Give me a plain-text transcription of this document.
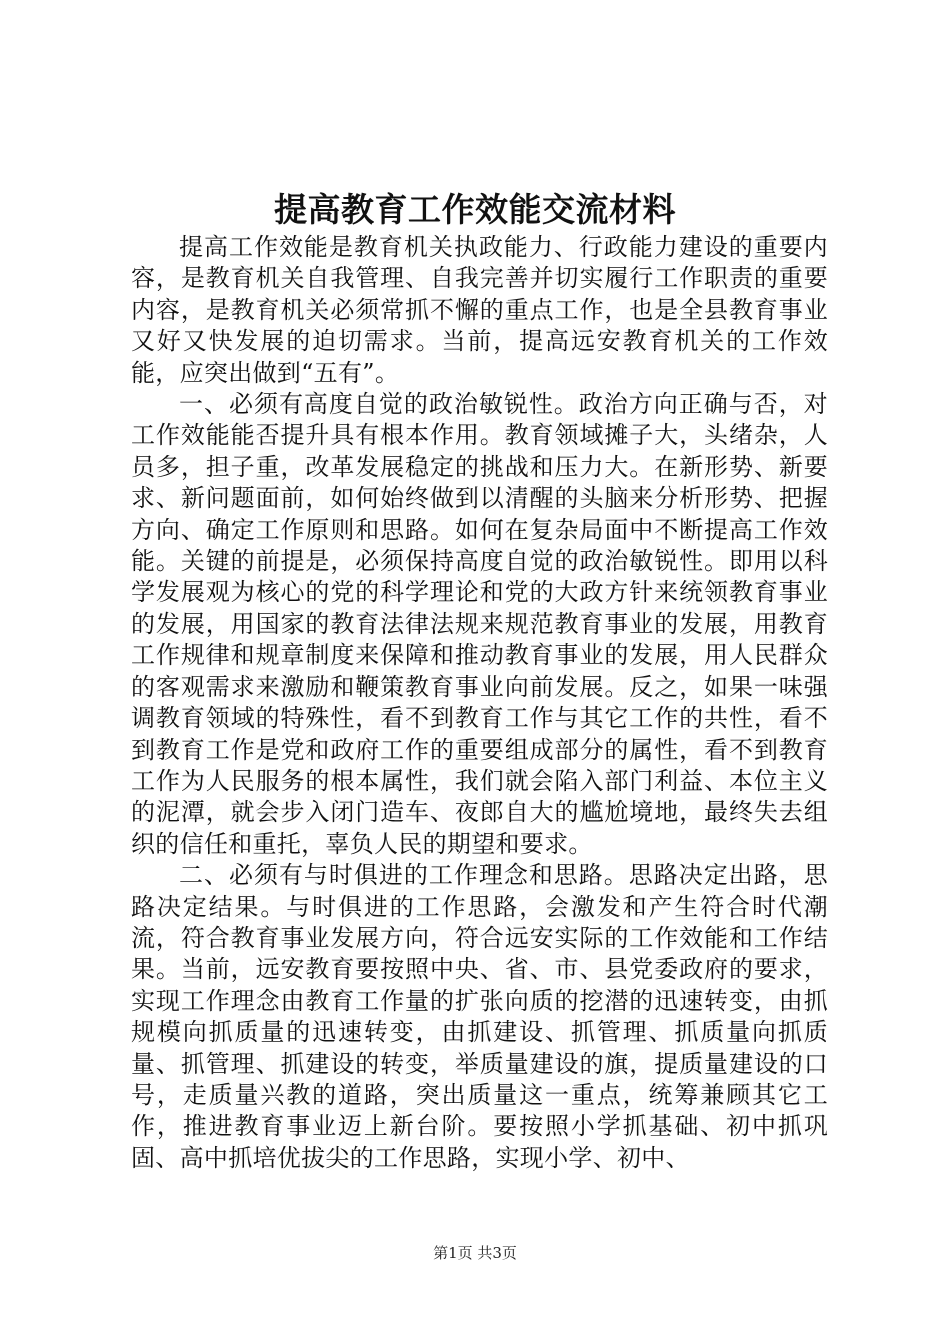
提高教育工作效能交流材料

提高工作效能是教育机关执政能力、行政能力建设的重要内容，是教育机关自我管理、自我完善并切实履行工作职责的重要内容，是教育机关必须常抓不懈的重点工作，也是全县教育事业又好又快发展的迫切需求。当前，提高远安教育机关的工作效能，应突出做到“五有”。

一、必须有高度自觉的政治敏锐性。政治方向正确与否，对工作效能能否提升具有根本作用。教育领域摊子大，头绪杂，人员多，担子重，改革发展稳定的挑战和压力大。在新形势、新要求、新问题面前，如何始终做到以清醒的头脑来分析形势、把握方向、确定工作原则和思路。如何在复杂局面中不断提高工作效能。关键的前提是，必须保持高度自觉的政治敏锐性。即用以科学发展观为核心的党的科学理论和党的大政方针来统领教育事业的发展，用国家的教育法律法规来规范教育事业的发展，用教育工作规律和规章制度来保障和推动教育事业的发展，用人民群众的客观需求来激励和鞭策教育事业向前发展。反之，如果一味强调教育领域的特殊性，看不到教育工作与其它工作的共性，看不到教育工作是党和政府工作的重要组成部分的属性，看不到教育工作为人民服务的根本属性，我们就会陷入部门利益、本位主义的泥潭，就会步入闭门造车、夜郎自大的尴尬境地，最终失去组织的信任和重托，辜负人民的期望和要求。

二、必须有与时俱进的工作理念和思路。思路决定出路，思路决定结果。与时俱进的工作思路，会激发和产生符合时代潮流，符合教育事业发展方向，符合远安实际的工作效能和工作结果。当前，远安教育要按照中央、省、市、县党委政府的要求，实现工作理念由教育工作量的扩张向质的挖潜的迅速转变，由抓规模向抓质量的迅速转变，由抓建设、抓管理、抓质量向抓质量、抓管理、抓建设的转变，举质量建设的旗，提质量建设的口号，走质量兴教的道路，突出质量这一重点，统筹兼顾其它工作，推进教育事业迈上新台阶。要按照小学抓基础、初中抓巩固、高中抓培优拔尖的工作思路，实现小学、初中、

第1页 共3页
